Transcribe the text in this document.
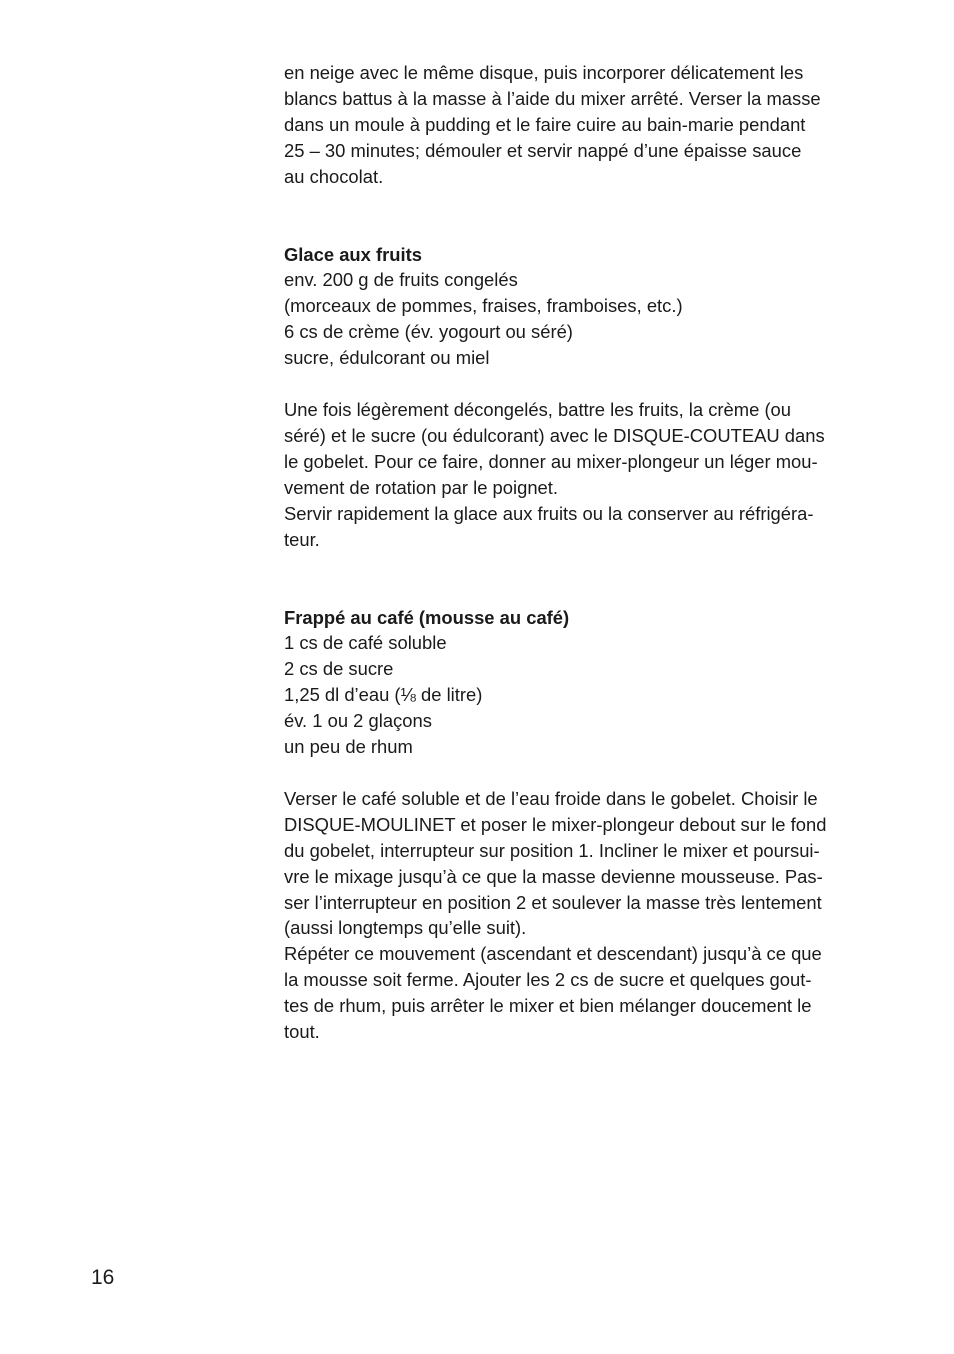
en neige avec le même disque, puis incorporer délicatement les
blancs battus à la masse à l’aide du mixer arrêté. Verser la masse
dans un moule à pudding et le faire cuire au bain-marie pendant
25 – 30 minutes; démouler et servir nappé d’une épaisse sauce
au chocolat.

Glace aux fruits
env. 200 g de fruits congelés
(morceaux de pommes, fraises, framboises, etc.)
6 cs de crème (év. yogourt ou séré)
sucre, édulcorant ou miel

Une fois légèrement décongelés, battre les fruits, la crème (ou
séré) et le sucre (ou édulcorant) avec le DISQUE-COUTEAU dans
le gobelet. Pour ce faire, donner au mixer-plongeur un léger mou-
vement de rotation par le poignet.
Servir rapidement la glace aux fruits ou la conserver au réfrigéra-
teur.

Frappé au café (mousse au café)
1 cs de café soluble
2 cs de sucre
1,25 dl d’eau (⅛ de litre)
év. 1 ou 2 glaçons
un peu de rhum

Verser le café soluble et de l’eau froide dans le gobelet. Choisir le
DISQUE-MOULINET et poser le mixer-plongeur debout sur le fond
du gobelet, interrupteur sur position 1. Incliner le mixer et poursui-
vre le mixage jusqu’à ce que la masse devienne mousseuse. Pas-
ser l’interrupteur en position 2 et soulever la masse très lentement
(aussi longtemps qu’elle suit).
Répéter ce mouvement (ascendant et descendant) jusqu’à ce que
la mousse soit ferme. Ajouter les 2 cs de sucre et quelques gout-
tes de rhum, puis arrêter le mixer et bien mélanger doucement le
tout.

16
